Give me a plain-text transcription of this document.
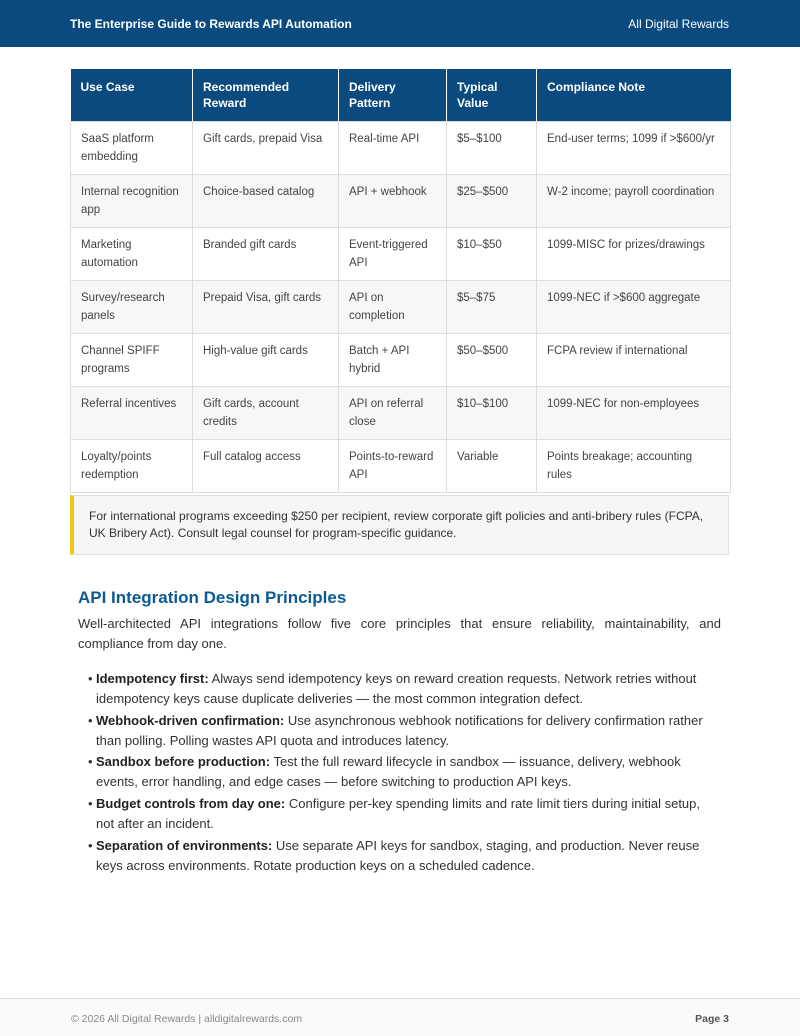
The Enterprise Guide to Rewards API Automation	All Digital Rewards
Use Case	Recommended Reward	Delivery Pattern	Typical Value	Compliance Note
SaaS platform embedding	Gift cards, prepaid Visa	Real-time API	$5–$100	End-user terms; 1099 if >$600/yr
Internal recognition app	Choice-based catalog	API + webhook	$25–$500	W-2 income; payroll coordination
Marketing automation	Branded gift cards	Event-triggered API	$10–$50	1099-MISC for prizes/drawings
Survey/research panels	Prepaid Visa, gift cards	API on completion	$5–$75	1099-NEC if >$600 aggregate
Channel SPIFF programs	High-value gift cards	Batch + API hybrid	$50–$500	FCPA review if international
Referral incentives	Gift cards, account credits	API on referral close	$10–$100	1099-NEC for non-employees
Loyalty/points redemption	Full catalog access	Points-to-reward API	Variable	Points breakage; accounting rules

For international programs exceeding $250 per recipient, review corporate gift policies and anti-bribery rules (FCPA, UK Bribery Act). Consult legal counsel for program-specific guidance.

API Integration Design Principles

Well-architected API integrations follow five core principles that ensure reliability, maintainability, and compliance from day one.

• Idempotency first: Always send idempotency keys on reward creation requests. Network retries without idempotency keys cause duplicate deliveries — the most common integration defect.
• Webhook-driven confirmation: Use asynchronous webhook notifications for delivery confirmation rather than polling. Polling wastes API quota and introduces latency.
• Sandbox before production: Test the full reward lifecycle in sandbox — issuance, delivery, webhook events, error handling, and edge cases — before switching to production API keys.
• Budget controls from day one: Configure per-key spending limits and rate limit tiers during initial setup, not after an incident.
• Separation of environments: Use separate API keys for sandbox, staging, and production. Never reuse keys across environments. Rotate production keys on a scheduled cadence.
© 2026 All Digital Rewards | alldigitalrewards.com	Page 3
